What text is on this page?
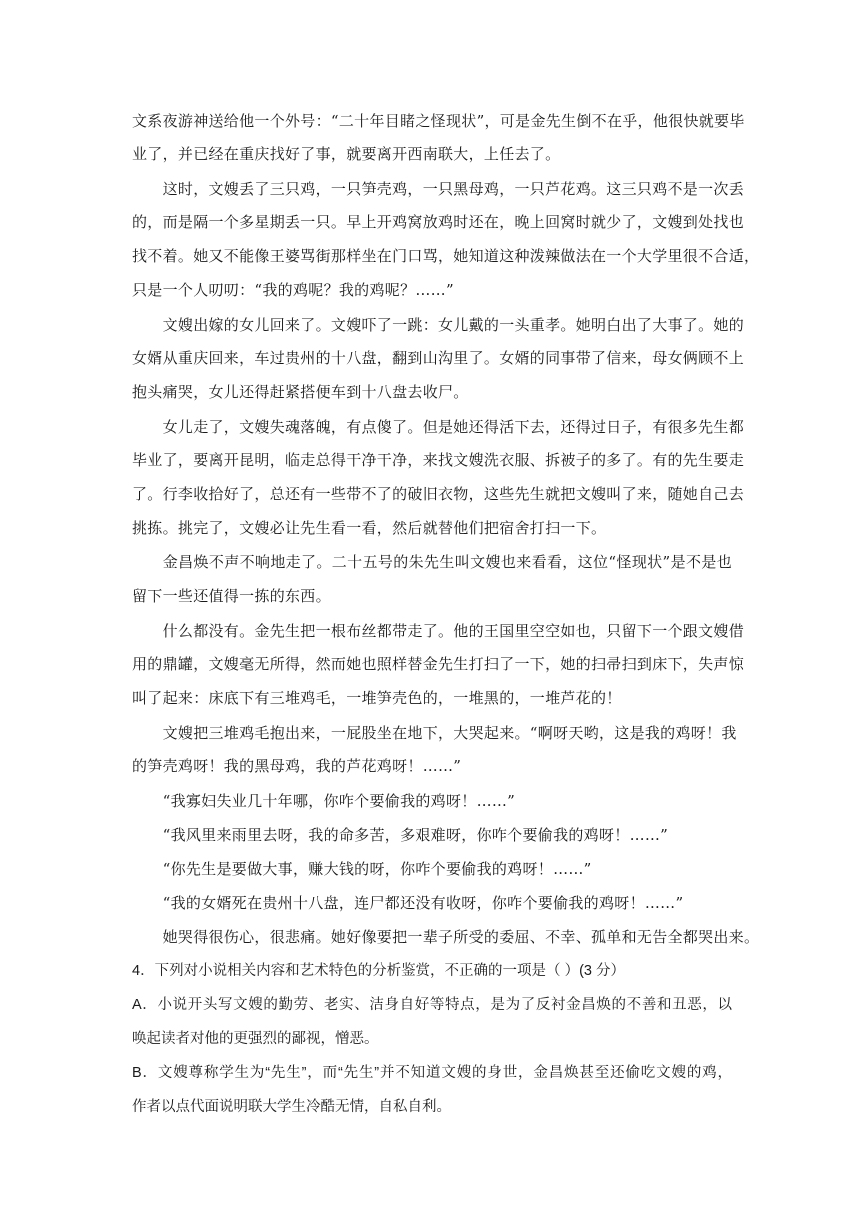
文系夜游神送给他一个外号：“二十年目睹之怪现状”，可是金先生倒不在乎，他很快就要毕
业了，并已经在重庆找好了事，就要离开西南联大，上任去了。
　　这时，文嫂丢了三只鸡，一只笋壳鸡，一只黑母鸡，一只芦花鸡。这三只鸡不是一次丢
的，而是隔一个多星期丢一只。早上开鸡窝放鸡时还在，晚上回窝时就少了，文嫂到处找也
找不着。她又不能像王婆骂街那样坐在门口骂，她知道这种泼辣做法在一个大学里很不合适，
只是一个人叨叨：“我的鸡呢？我的鸡呢？……”
　　文嫂出嫁的女儿回来了。文嫂吓了一跳：女儿戴的一头重孝。她明白出了大事了。她的
女婿从重庆回来，车过贵州的十八盘，翻到山沟里了。女婿的同事带了信来，母女俩顾不上
抱头痛哭，女儿还得赶紧搭便车到十八盘去收尸。
　　女儿走了，文嫂失魂落魄，有点傻了。但是她还得活下去，还得过日子，有很多先生都
毕业了，要离开昆明，临走总得干净干净，来找文嫂洗衣服、拆被子的多了。有的先生要走
了。行李收拾好了，总还有一些带不了的破旧衣物，这些先生就把文嫂叫了来，随她自己去
挑拣。挑完了，文嫂必让先生看一看，然后就替他们把宿舍打扫一下。
　　金昌焕不声不响地走了。二十五号的朱先生叫文嫂也来看看，这位“怪现状”是不是也
留下一些还值得一拣的东西。
　　什么都没有。金先生把一根布丝都带走了。他的王国里空空如也，只留下一个跟文嫂借
用的鼎罐，文嫂毫无所得，然而她也照样替金先生打扫了一下，她的扫帚扫到床下，失声惊
叫了起来：床底下有三堆鸡毛，一堆笋壳色的，一堆黑的，一堆芦花的！
　　文嫂把三堆鸡毛抱出来，一屁股坐在地下，大哭起来。“啊呀天哟，这是我的鸡呀！我
的笋壳鸡呀！我的黑母鸡，我的芦花鸡呀！……”
　　“我寡妇失业几十年哪，你咋个要偷我的鸡呀！……”
　　“我风里来雨里去呀，我的命多苦，多艰难呀，你咋个要偷我的鸡呀！……”
　　“你先生是要做大事，赚大钱的呀，你咋个要偷我的鸡呀！……”
　　“我的女婿死在贵州十八盘，连尸都还没有收呀，你咋个要偷我的鸡呀！……”
　　她哭得很伤心，很悲痛。她好像要把一辈子所受的委屈、不幸、孤单和无告全都哭出来。
4．下列对小说相关内容和艺术特色的分析鉴赏，不正确的一项是（ ）(3 分）
A．小说开头写文嫂的勤劳、老实、洁身自好等特点，是为了反衬金昌焕的不善和丑恶，以
唤起读者对他的更强烈的鄙视，憎恶。
B．文嫂尊称学生为“先生”，而“先生”并不知道文嫂的身世，金昌焕甚至还偷吃文嫂的鸡，
作者以点代面说明联大学生冷酷无情，自私自利。
